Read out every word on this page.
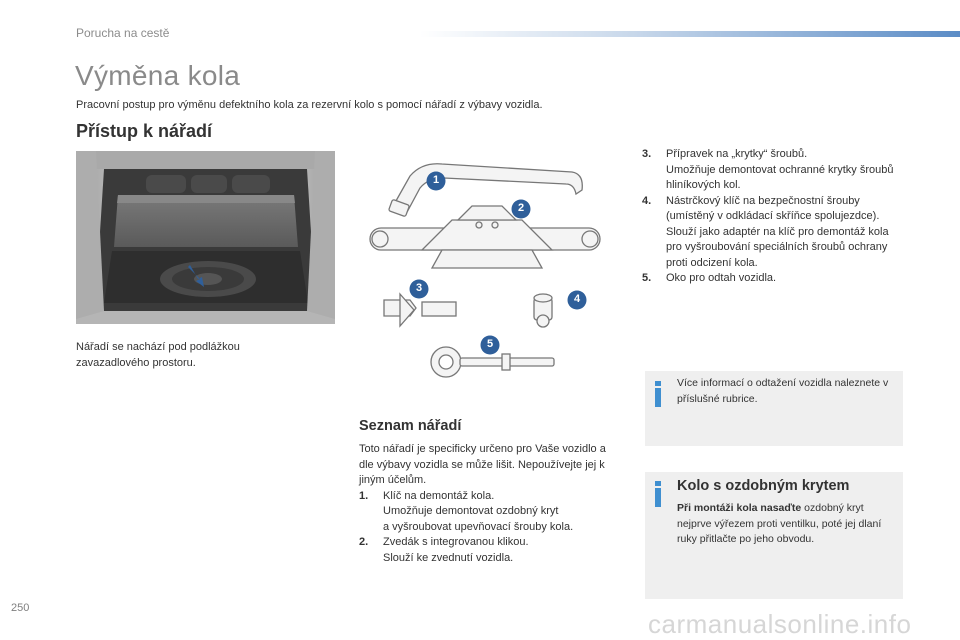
Porucha na cestě
Výměna kola
Pracovní postup pro výměnu defektního kola za rezervní kolo s pomocí nářadí z výbavy vozidla.
Přístup k nářadí
Nářadí se nachází pod podlážkou zavazadlového prostoru.
1
2
3
4
5
Seznam nářadí
Toto nářadí je specificky určeno pro Vaše vozidlo a dle výbavy vozidla se může lišit. Nepoužívejte jej k jiným účelům.
1.	Klíč na demontáž kola.
Umožňuje demontovat ozdobný kryt
a vyšroubovat upevňovací šrouby kola.
2.	Zvedák s integrovanou klikou.
Slouží ke zvednutí vozidla.
3.	Přípravek na „krytky“ šroubů.
Umožňuje demontovat ochranné krytky šroubů hliníkových kol.
4.	Nástrčkový klíč na bezpečnostní šrouby (umístěný v odkládací skříňce spolujezdce).
Slouží jako adaptér na klíč pro demontáž kola pro vyšroubování speciálních šroubů ochrany proti odcizení kola.
5.	Oko pro odtah vozidla.
Více informací o odtažení vozidla naleznete v příslušné rubrice.
Kolo s ozdobným krytem
Při montáži kola nasaďte ozdobný kryt nejprve výřezem proti ventilku, poté jej dlaní ruky přitlačte po jeho obvodu.
250
carmanualsonline.info
